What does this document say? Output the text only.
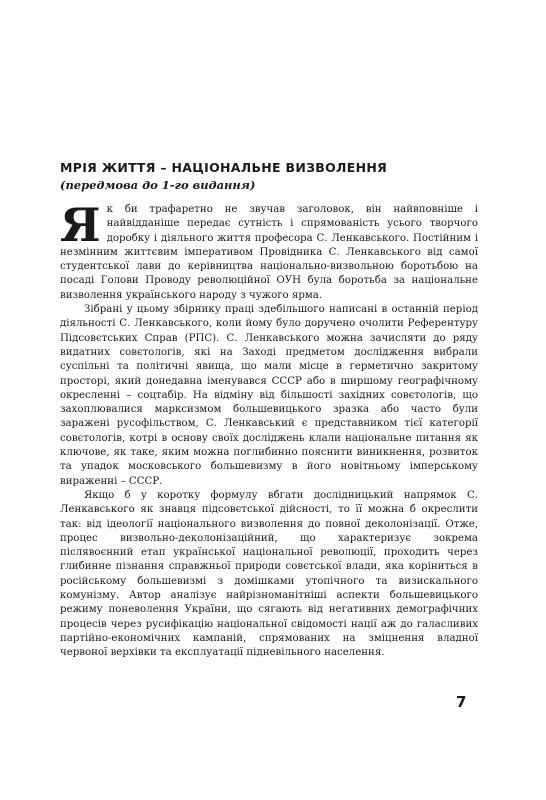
МРІЯ ЖИТТЯ – НАЦІОНАЛЬНЕ ВИЗВОЛЕННЯ
(передмова до 1-го видання)

Я к би трафаретно не звучав заголовок, він найвповніше і найвідданіше передає сутність і спрямованість усього творчого доробку і діяльного життя професора С. Ленкавського. Постійним і незмінним життєвим імперативом Провідника С. Ленкавського від самої студентської лави до керівництва національно-визвольною боротьбою на посаді Голови Проводу революційної ОУН була боротьба за національне визволення українського народу з чужого ярма.

Зібрані у цьому збірнику праці здебільшого написані в останній період діяльності С. Ленкавського, коли йому було доручено очолити Референтуру Підсовєтських Справ (РПС). С. Ленкавського можна зачисляти до ряду видатних совєтологів, які на Заході предметом дослідження вибрали суспільні та політичні явища, що мали місце в герметично закритому просторі, який донедавна іменувався СССР або в ширшому географічному окресленні – соцтабір. На відміну від більшості західних совєтологів, що захоплювалися марксизмом большевицького зразка або часто були заражені русофільством, С. Ленкавський є представником тієї категорії совєтологів, котрі в основу своїх досліджень клали національне питання як ключове, як таке, яким можна поглибинно пояснити виникнення, розвиток та упадок московського большевизму в його новітньому імперському вираженні – СССР.

Якщо б у коротку формулу вбгати дослідницький напрямок С. Ленкавського як знавця підсовєтської дійсності, то її можна б окреслити так: від ідеології національного визволення до повної деколонізації. Отже, процес визвольно-деколонізаційний, що характеризує зокрема післявоєнний етап української національної революції, проходить через глибинне пізнання справжньої природи совєтської влади, яка коріниться в російському большевизмі з домішками утопічного та визискального комунізму. Автор аналізує найрізноманітніші аспекти большевицького режиму поневолення України, що сягають від негативних демографічних процесів через русифікацію національної свідомості нації аж до галасливих партійно-економічних кампаній, спрямованих на зміцнення владної червоної верхівки та експлуатації підневільного населення.

7
